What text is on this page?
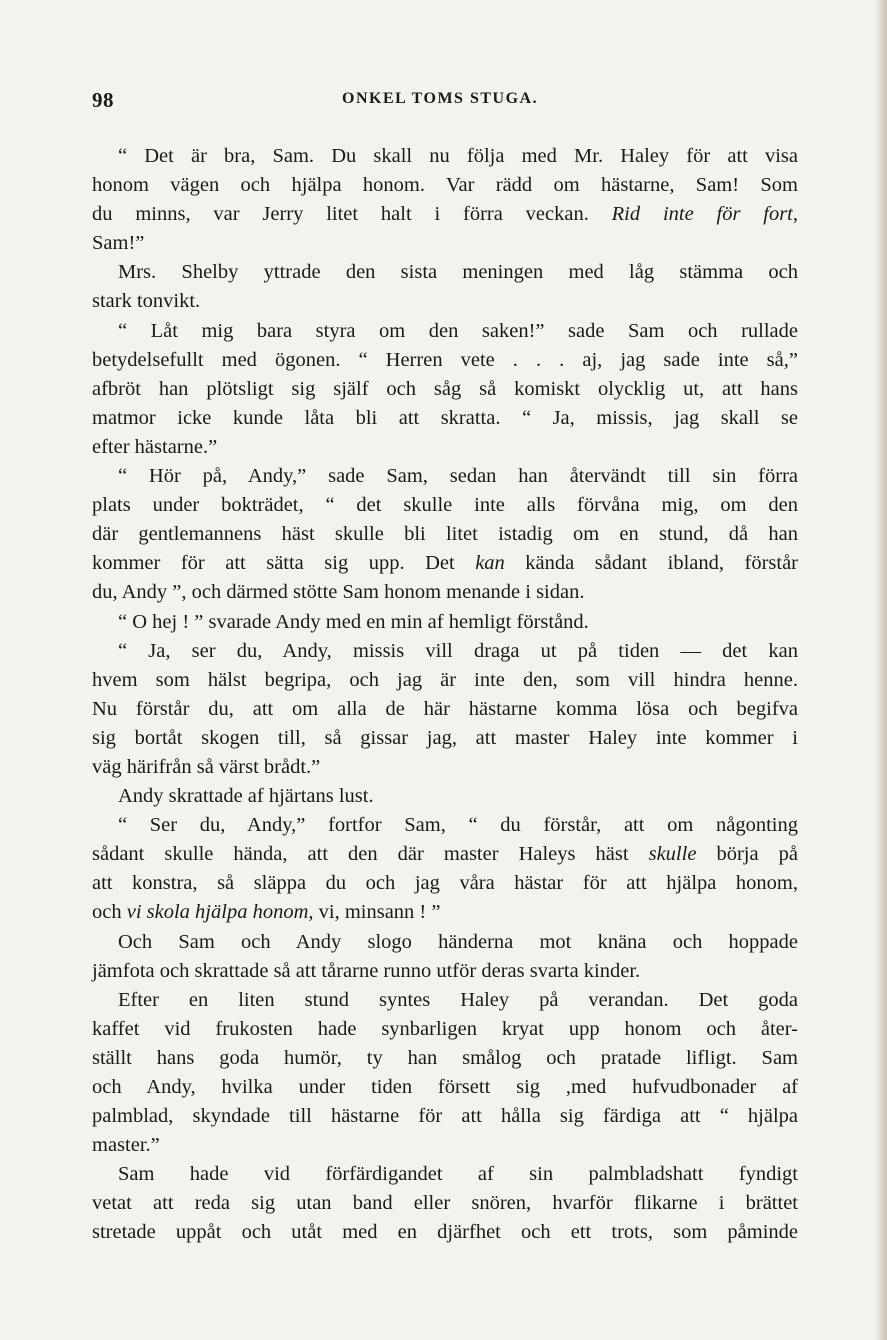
98	ONKEL TOMS STUGA.
“ Det är bra, Sam. Du skall nu följa med Mr. Haley för att visa
honom vägen och hjälpa honom. Var rädd om hästarne, Sam! Som
du minns, var Jerry litet halt i förra veckan. Rid inte för fort,
Sam!”
Mrs. Shelby yttrade den sista meningen med låg stämma och
stark tonvikt.
“ Låt mig bara styra om den saken!” sade Sam och rullade
betydelsefullt med ögonen. “ Herren vete . . . aj, jag sade inte så,”
afbröt han plötsligt sig själf och såg så komiskt olycklig ut, att hans
matmor icke kunde låta bli att skratta. “ Ja, missis, jag skall se
efter hästarne.”
“ Hör på, Andy,” sade Sam, sedan han återvändt till sin förra
plats under bokträdet, “ det skulle inte alls förvåna mig, om den
där gentlemannens häst skulle bli litet istadig om en stund, då han
kommer för att sätta sig upp. Det kan kända sådant ibland, förstår
du, Andy ”, och därmed stötte Sam honom menande i sidan.
“ O hej ! ” svarade Andy med en min af hemligt förstånd.
“ Ja, ser du, Andy, missis vill draga ut på tiden — det kan
hvem som hälst begripa, och jag är inte den, som vill hindra henne.
Nu förstår du, att om alla de här hästarne komma lösa och begifva
sig bortåt skogen till, så gissar jag, att master Haley inte kommer i
väg härifrån så värst brådt.”
Andy skrattade af hjärtans lust.
“ Ser du, Andy,” fortfor Sam, “ du förstår, att om någonting
sådant skulle hända, att den där master Haleys häst skulle börja på
att konstra, så släppa du och jag våra hästar för att hjälpa honom,
och vi skola hjälpa honom, vi, minsann ! ”
Och Sam och Andy slogo händerna mot knäna och hoppade
jämfota och skrattade så att tårarne runno utför deras svarta kinder.
Efter en liten stund syntes Haley på verandan. Det goda
kaffet vid frukosten hade synbarligen kryat upp honom och åter-
ställt hans goda humör, ty han smålog och pratade lifligt. Sam
och Andy, hvilka under tiden försett sig ,med hufvudbonader af
palmblad, skyndade till hästarne för att hålla sig färdiga att “ hjälpa
master.”
Sam hade vid förfärdigandet af sin palmbladshatt fyndigt
vetat att reda sig utan band eller snören, hvarför flikarne i brättet
stretade uppåt och utåt med en djärfhet och ett trots, som påminde
